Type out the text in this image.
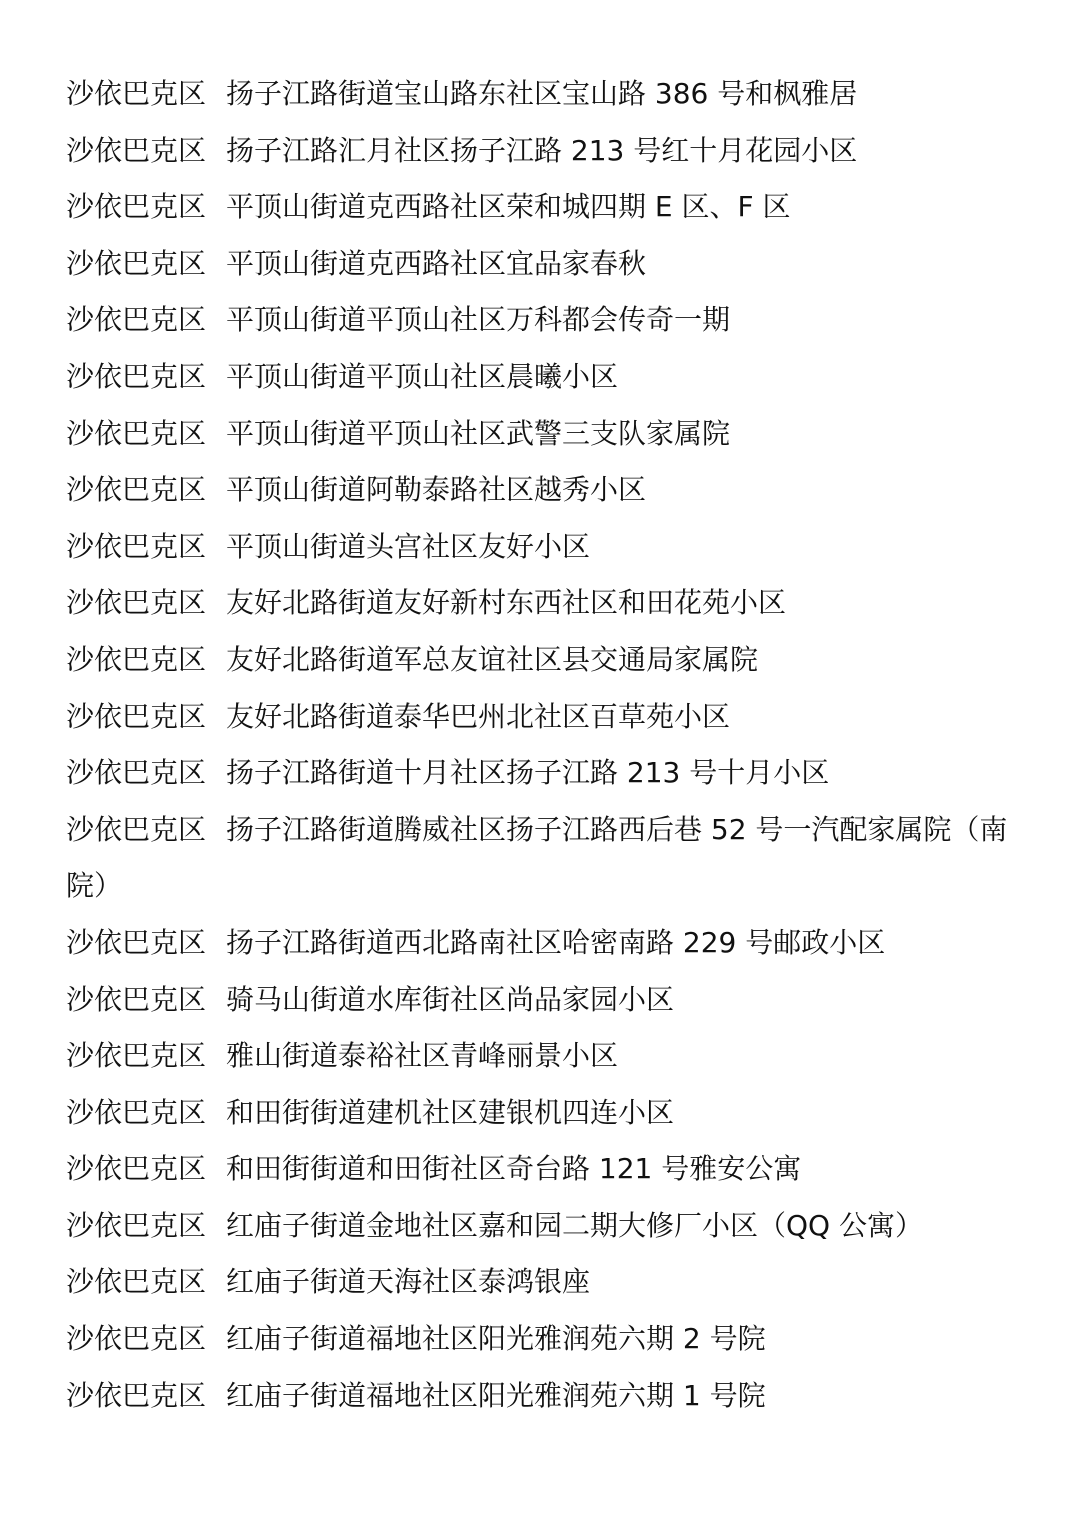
沙依巴克区 扬子江路街道宝山路东社区宝山路 386 号和枫雅居
沙依巴克区 扬子江路汇月社区扬子江路 213 号红十月花园小区
沙依巴克区 平顶山街道克西路社区荣和城四期 E 区、F 区
沙依巴克区 平顶山街道克西路社区宜品家春秋
沙依巴克区 平顶山街道平顶山社区万科都会传奇一期
沙依巴克区 平顶山街道平顶山社区晨曦小区
沙依巴克区 平顶山街道平顶山社区武警三支队家属院
沙依巴克区 平顶山街道阿勒泰路社区越秀小区
沙依巴克区 平顶山街道头宫社区友好小区
沙依巴克区 友好北路街道友好新村东西社区和田花苑小区
沙依巴克区 友好北路街道军总友谊社区县交通局家属院
沙依巴克区 友好北路街道泰华巴州北社区百草苑小区
沙依巴克区 扬子江路街道十月社区扬子江路 213 号十月小区
沙依巴克区 扬子江路街道腾威社区扬子江路西后巷 52 号一汽配家属院（南院）
沙依巴克区 扬子江路街道西北路南社区哈密南路 229 号邮政小区
沙依巴克区 骑马山街道水库街社区尚品家园小区
沙依巴克区 雅山街道泰裕社区青峰丽景小区
沙依巴克区 和田街街道建机社区建银机四连小区
沙依巴克区 和田街街道和田街社区奇台路 121 号雅安公寓
沙依巴克区 红庙子街道金地社区嘉和园二期大修厂小区（QQ 公寓）
沙依巴克区 红庙子街道天海社区泰鸿银座
沙依巴克区 红庙子街道福地社区阳光雅润苑六期 2 号院
沙依巴克区 红庙子街道福地社区阳光雅润苑六期 1 号院
